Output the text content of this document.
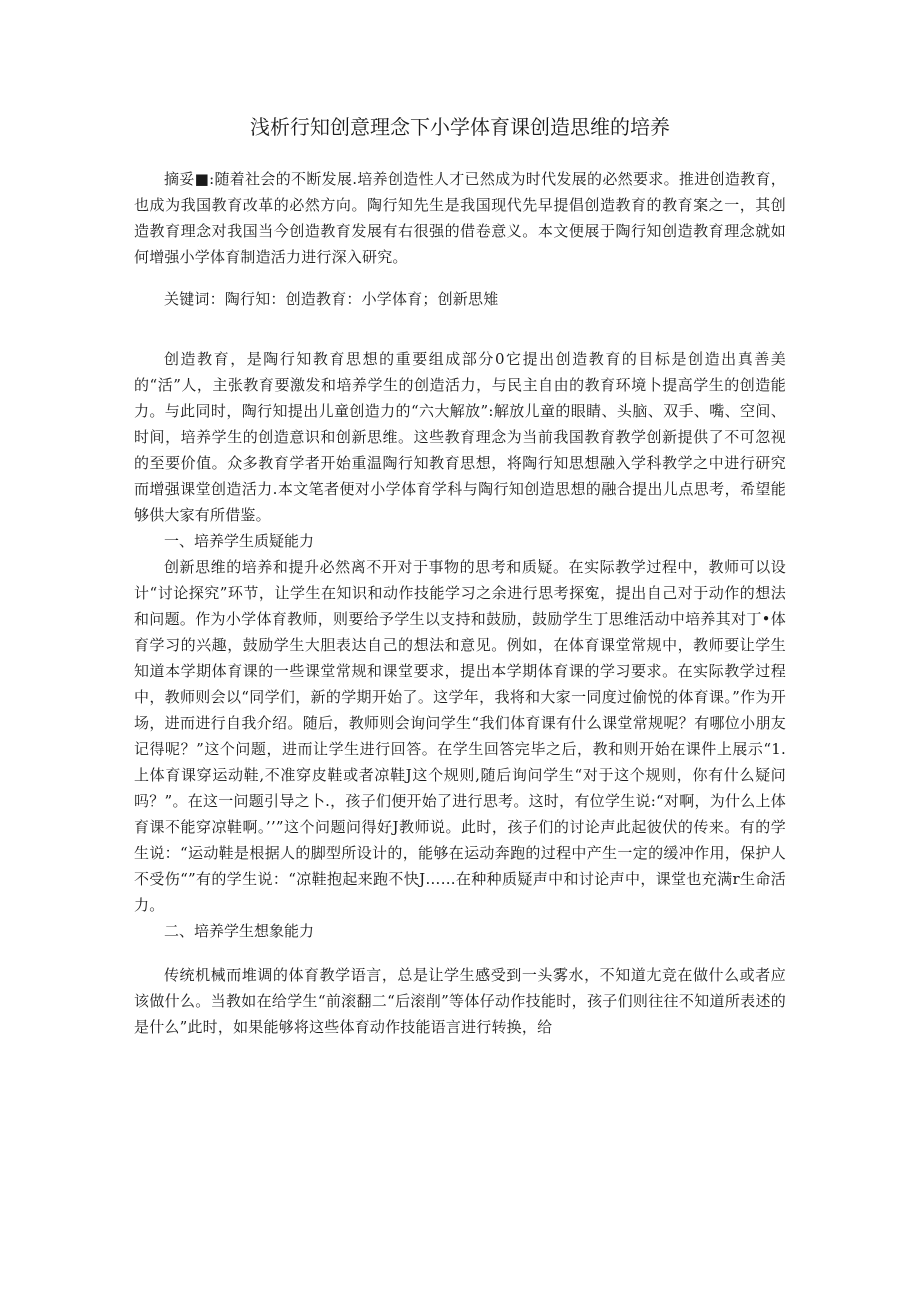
浅析行知创意理念下小学体育课创造思维的培养

摘妥■:随着社会的不断发展.培养创造性人才已然成为时代发展的必然要求。推进创造教育，也成为我国教育改革的必然方向。陶行知先生是我国现代先早提倡创造教育的教育案之一，其创造教育理念对我国当今创造教育发展有右很强的借卷意义。本文便展于陶行知创造教育理念就如何增强小学体育制造活力进行深入研究。

关键词：陶行知：创造教育：小学体育；创新思雉

创造教育，是陶行知教育思想的重要组成部分0它提出创造教育的目标是创造出真善美的“活”人，主张教育要激发和培养学生的创造活力，与民主自由的教育环境卜提高学生的创造能力。与此同时，陶行知提出儿童创造力的“六大解放”:解放儿童的眼睛、头脑、双手、嘴、空间、时间，培养学生的创造意识和创新思维。这些教育理念为当前我国教育教学创新提供了不可忽视的至要价值。众多教育学者开始重温陶行知教育思想，将陶行知思想融入学科教学之中进行研究而增强课堂创造活力.本文笔者便对小学体育学科与陶行知创造思想的融合提出儿点思考，希望能够供大家有所借鉴。

一、培养学生质疑能力

创新思维的培养和提升必然离不开对于事物的思考和质疑。在实际教学过程中，教师可以设计“讨论探究”环节，让学生在知识和动作技能学习之余进行思考探寃，提出自己对于动作的想法和问题。作为小学体育教师，则要给予学生以支持和鼓励，鼓励学生丁思维活动中培养其对丁•体育学习的兴趣，鼓励学生大胆表达自己的想法和意见。例如，在体育课堂常规中，教师要让学生知道本学期体育课的一些课堂常规和课堂要求，提出本学期体育课的学习要求。在实际教学过程中，教师则会以“同学们，新的学期开始了。这学年，我将和大家一同度过偷悦的体育课。”作为开场，进而进行自我介绍。随后，教师则会询问学生“我们体育课有什么课堂常规呢？有哪位小朋友记得呢？”这个问题，进而让学生进行回答。在学生回答完毕之后，教和则开始在课件上展示“1.上体育课穿运动鞋,不准穿皮鞋或者凉鞋J这个规则,随后询问学生“对于这个规则，你有什么疑问吗？”。在这一问题引导之卜.，孩子们便开始了进行思考。这时，有位学生说:“对啊，为什么上体育课不能穿凉鞋啊。’’”这个问题问得好J教师说。此时，孩子们的讨论声此起彼伏的传来。有的学生说：“运动鞋是根据人的脚型所设计的，能够在运动奔跑的过程中产生一定的缓冲作用，保护人不受伤“”有的学生说：“凉鞋抱起来跑不快J……在种种质疑声中和讨论声中，课堂也充满r生命活力。

二、培养学生想象能力

传统机械而堆调的体育教学语言，总是让学生感受到一头雾水，不知道尢竞在做什么或者应该做什么。当教如在给学生“前滚翻二“后滚削”等体仔动作技能时，孩子们则往往不知道所表述的是什么”此时，如果能够将这些体育动作技能语言进行转换，给
